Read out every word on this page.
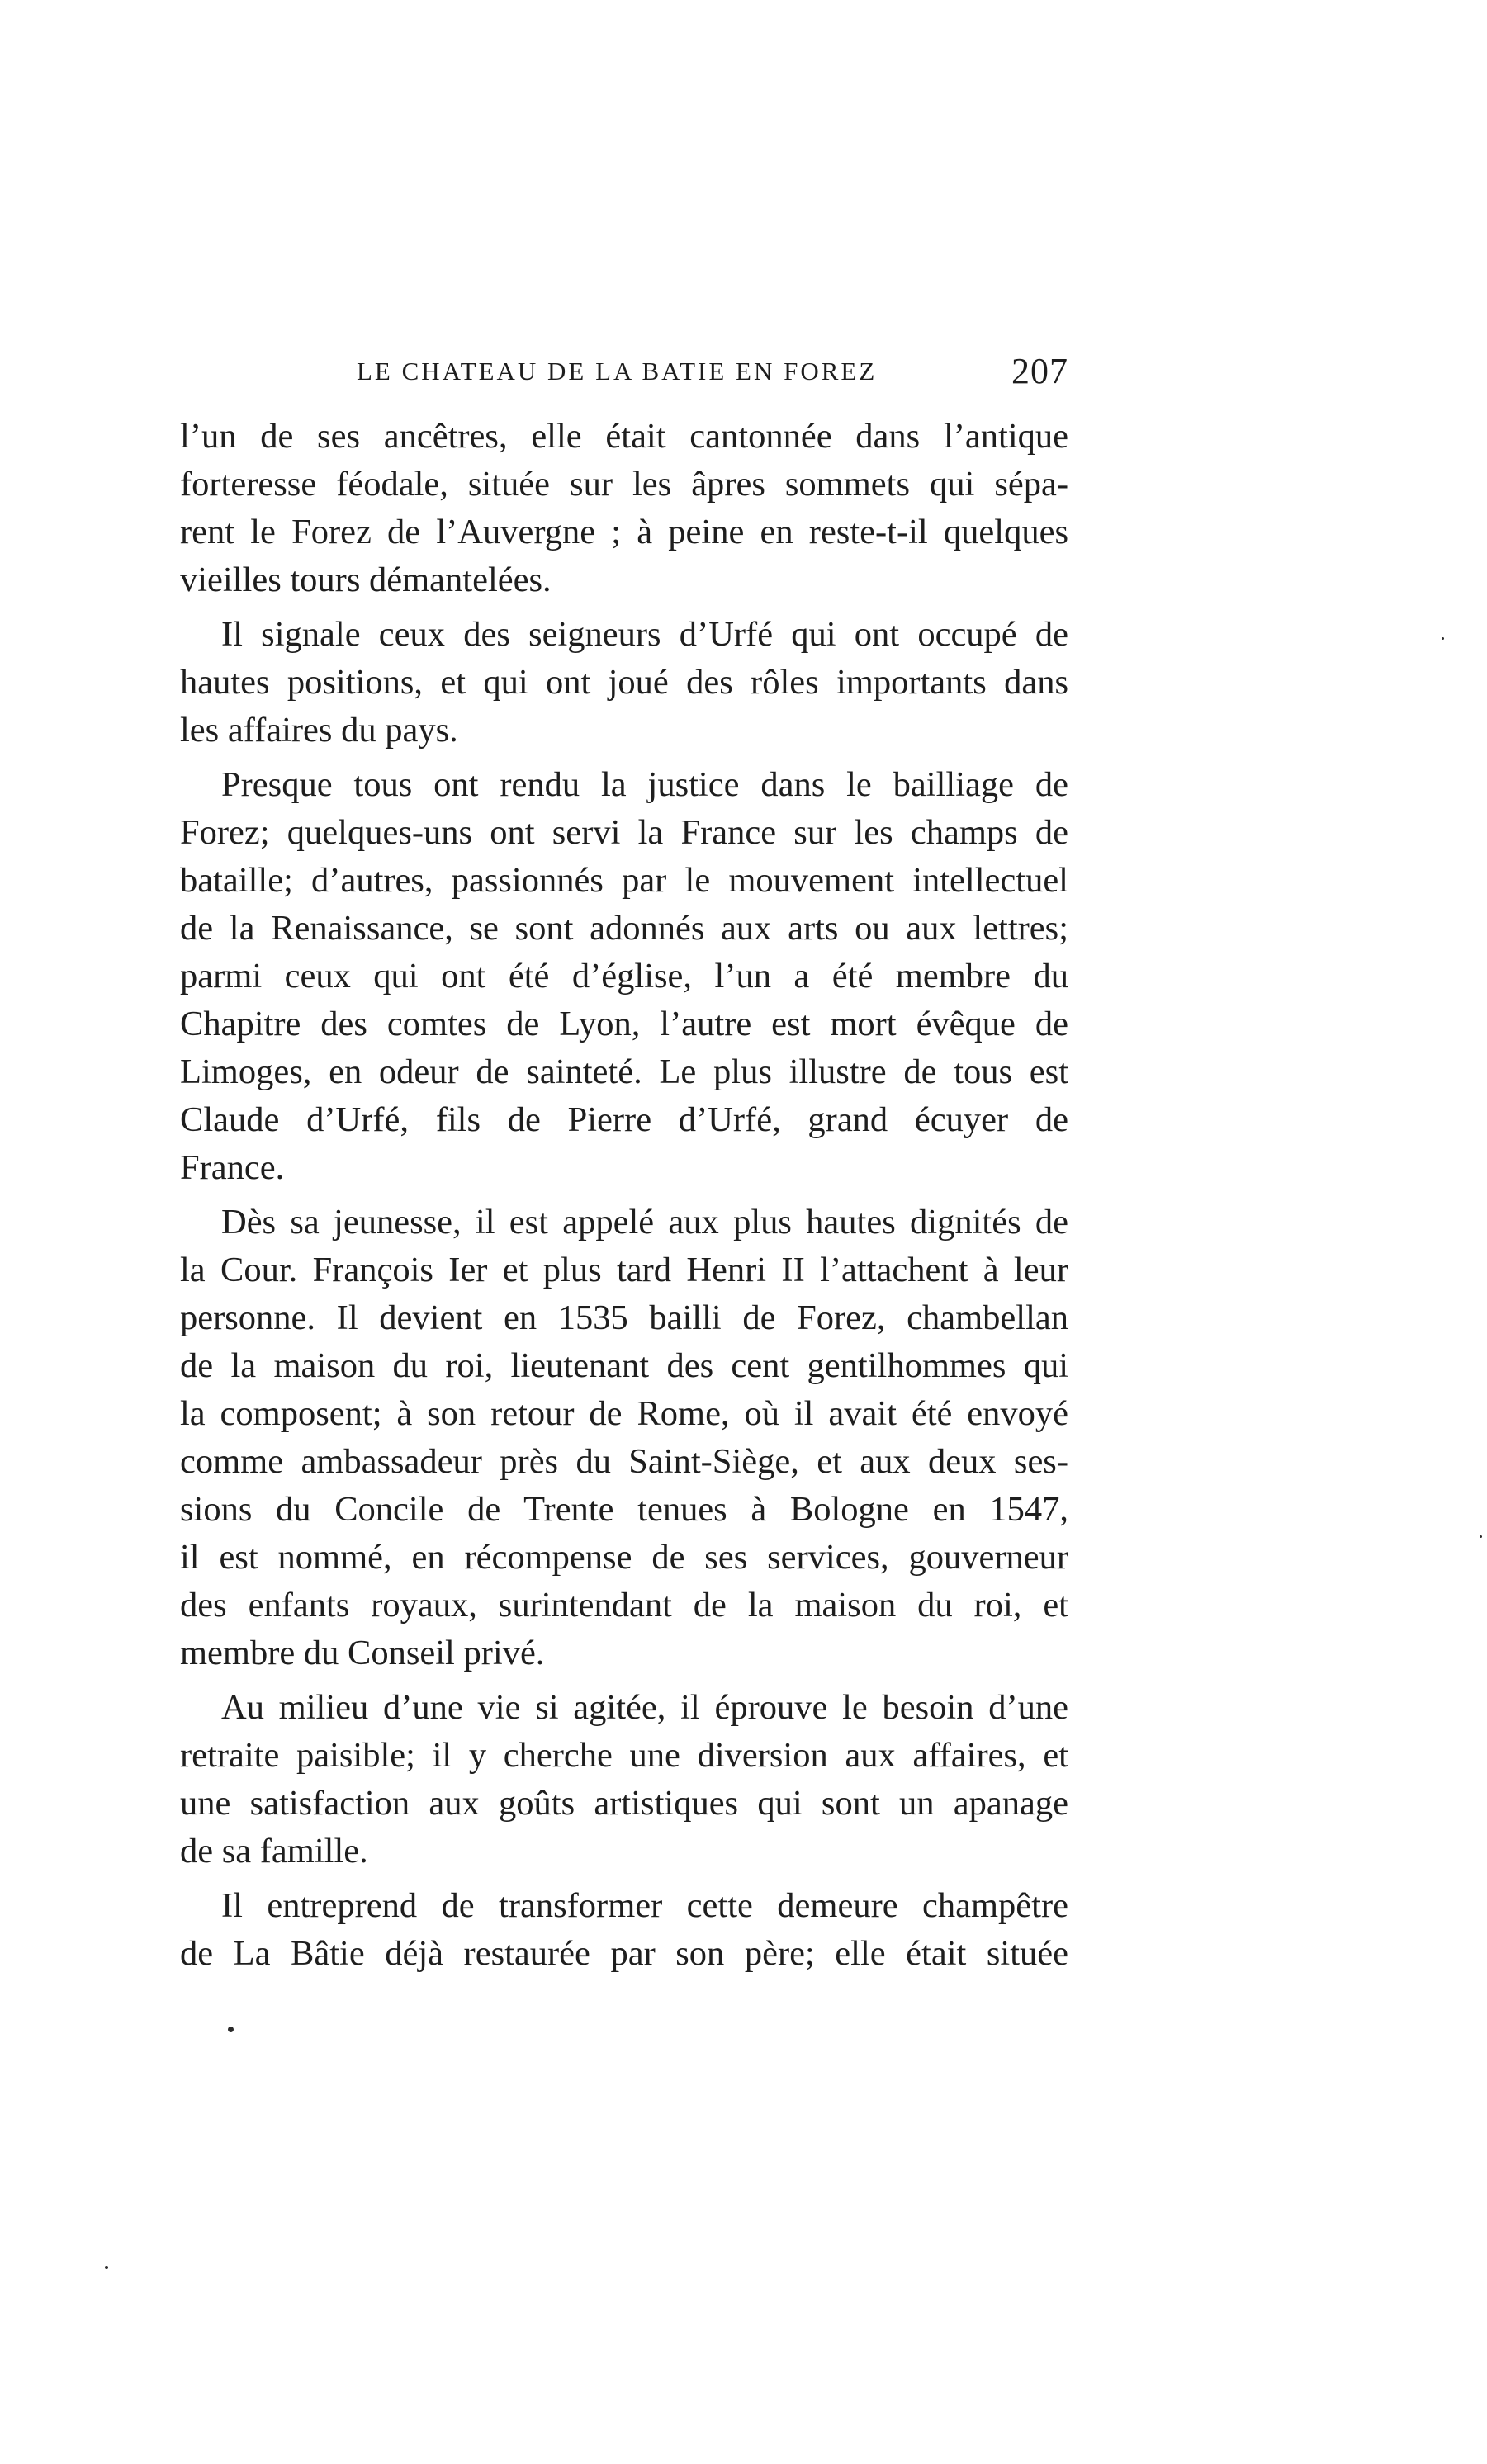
LE CHATEAU DE LA BATIE EN FOREZ	207
l’un de ses ancêtres, elle était cantonnée dans l’antique
forteresse féodale, située sur les âpres sommets qui sépa-
rent le Forez de l’Auvergne ; à peine en reste-t-il quelques
vieilles tours démantelées.
Il signale ceux des seigneurs d’Urfé qui ont occupé de
hautes positions, et qui ont joué des rôles importants dans
les affaires du pays.
Presque tous ont rendu la justice dans le bailliage de
Forez; quelques-uns ont servi la France sur les champs de
bataille; d’autres, passionnés par le mouvement intellectuel
de la Renaissance, se sont adonnés aux arts ou aux lettres;
parmi ceux qui ont été d’église, l’un a été membre du
Chapitre des comtes de Lyon, l’autre est mort évêque de
Limoges, en odeur de sainteté. Le plus illustre de tous est
Claude d’Urfé, fils de Pierre d’Urfé, grand écuyer de
France.
Dès sa jeunesse, il est appelé aux plus hautes dignités de
la Cour. François Ier et plus tard Henri II l’attachent à leur
personne. Il devient en 1535 bailli de Forez, chambellan
de la maison du roi, lieutenant des cent gentilhommes qui
la composent; à son retour de Rome, où il avait été envoyé
comme ambassadeur près du Saint-Siège, et aux deux ses-
sions du Concile de Trente tenues à Bologne en 1547,
il est nommé, en récompense de ses services, gouverneur
des enfants royaux, surintendant de la maison du roi, et
membre du Conseil privé.
Au milieu d’une vie si agitée, il éprouve le besoin d’une
retraite paisible; il y cherche une diversion aux affaires, et
une satisfaction aux goûts artistiques qui sont un apanage
de sa famille.
Il entreprend de transformer cette demeure champêtre
de La Bâtie déjà restaurée par son père; elle était située
